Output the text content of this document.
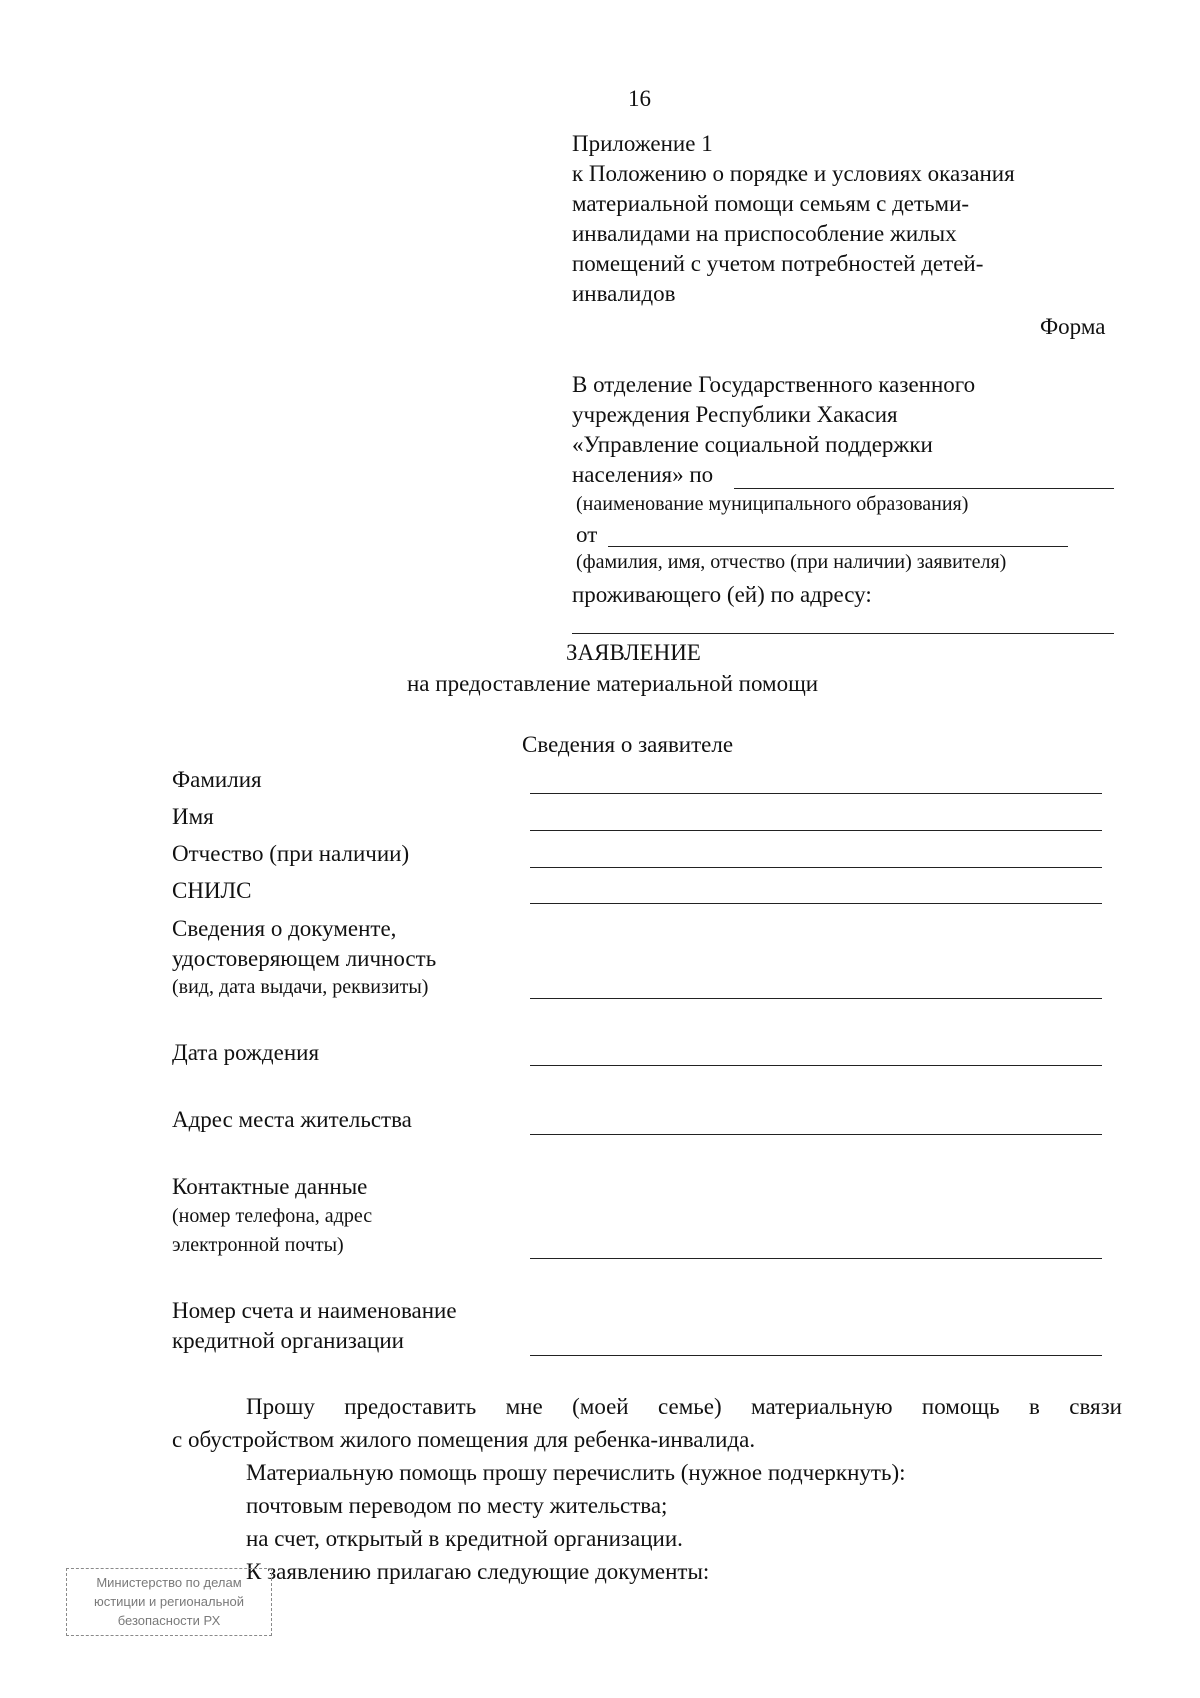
16
Приложение 1
к Положению о порядке и условиях оказания
материальной помощи семьям с детьми-
инвалидами на приспособление жилых
помещений с учетом потребностей детей-
инвалидов
Форма
В отделение Государственного казенного
учреждения Республики Хакасия
«Управление социальной поддержки
населения» по
(наименование муниципального образования)
от
(фамилия, имя, отчество (при наличии) заявителя)
проживающего (ей) по адресу:
ЗАЯВЛЕНИЕ
на предоставление материальной помощи
Сведения о заявителе
Фамилия
Имя
Отчество (при наличии)
СНИЛС
Сведения о документе,
удостоверяющем личность
(вид, дата выдачи, реквизиты)
Дата рождения
Адрес места жительства
Контактные данные
(номер телефона, адрес
электронной почты)
Номер счета и наименование
кредитной организации
Прошу предоставить мне (моей семье) материальную помощь в связи
с обустройством жилого помещения для ребенка-инвалида.
Материальную помощь прошу перечислить (нужное подчеркнуть):
почтовым переводом по месту жительства;
на счет, открытый в кредитной организации.
К заявлению прилагаю следующие документы:
Министерство по делам
юстиции и региональной
безопасности РХ
